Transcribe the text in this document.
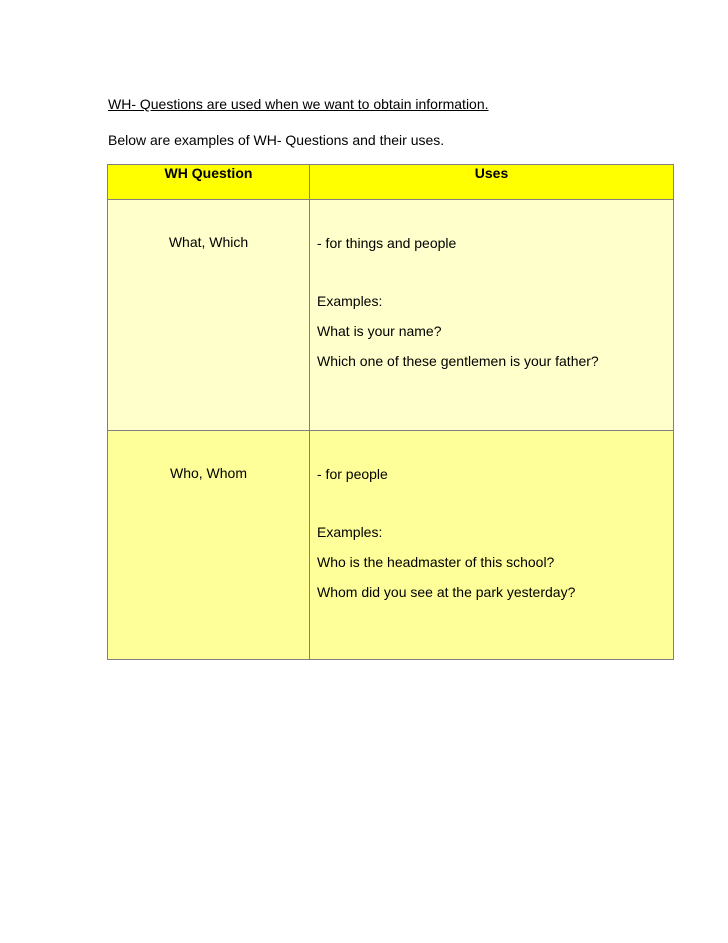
WH- Questions are used when we want to obtain information.

Below are examples of WH- Questions and their uses.

WH Question	Uses

What, Which	- for things and people
Examples:
What is your name?
Which one of these gentlemen is your father?

Who, Whom	- for people
Examples:
Who is the headmaster of this school?
Whom did you see at the park yesterday?
